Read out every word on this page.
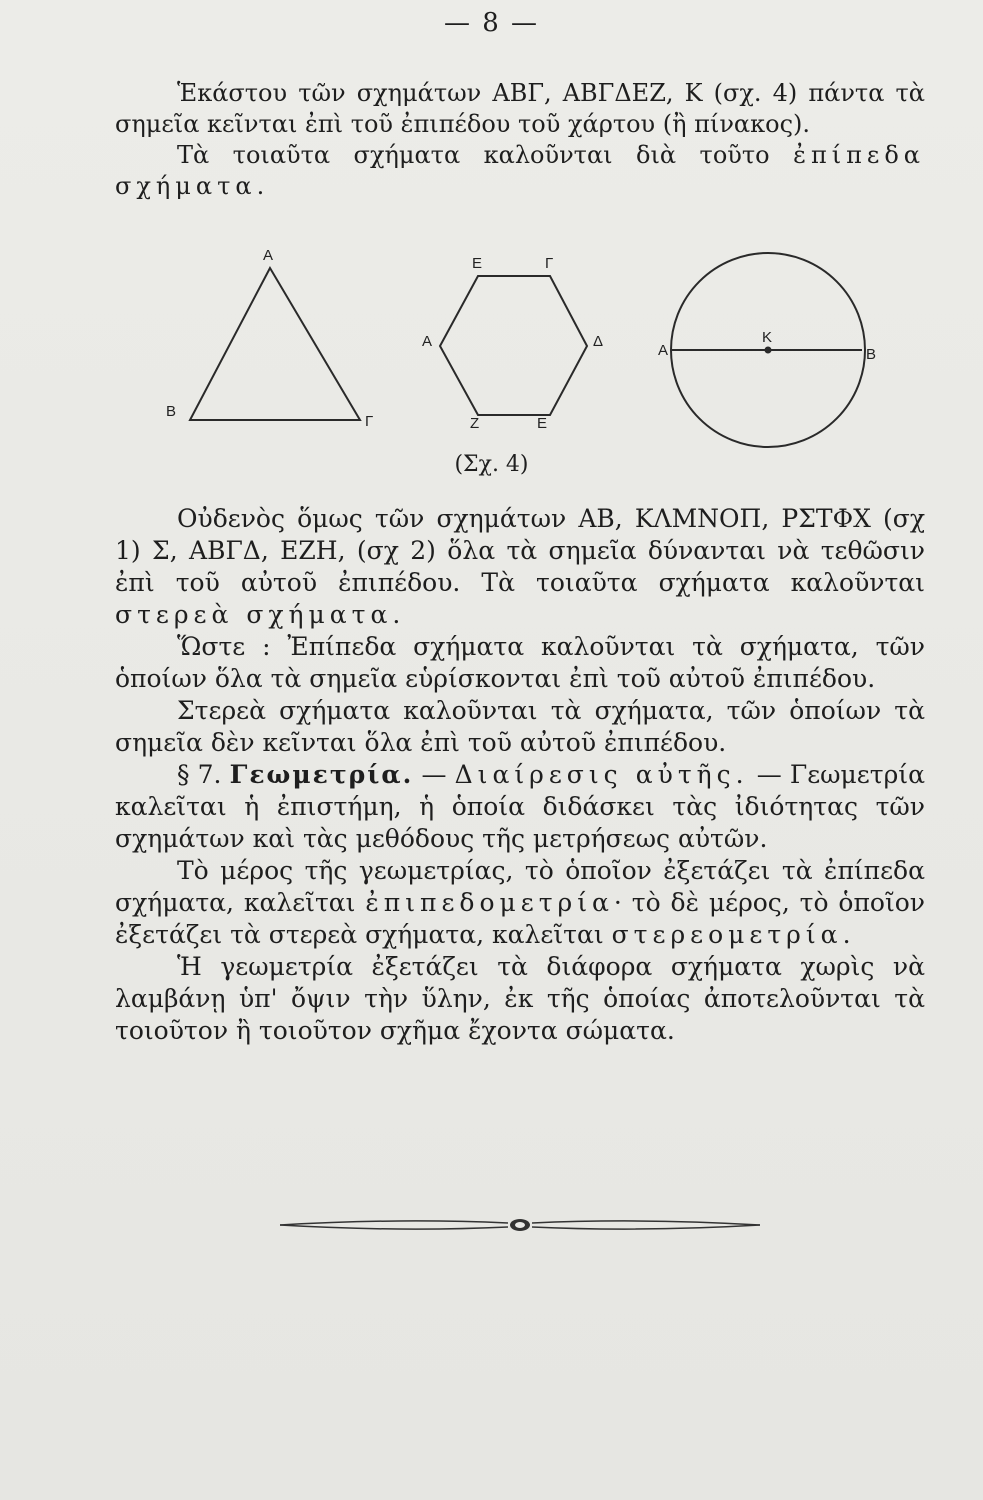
— 8 —

Ἑκάστου τῶν σχημάτων ΑΒΓ, ΑΒΓΔΕΖ, Κ (σχ. 4) πάντα τὰ σημεῖα κεῖνται ἐπὶ τοῦ ἐπιπέδου τοῦ χάρτου (ἢ πίνακος).

Τὰ τοιαῦτα σχήματα καλοῦνται διὰ τοῦτο ἐπίπεδα σχήματα.

Α
Β
Γ
Ε	Γ
Α	Δ
Ζ	Ε
Α
Κ
Β
(Σχ. 4)

Οὐδενὸς ὅμως τῶν σχημάτων ΑΒ, ΚΛΜΝΟΠ, ΡΣΤΦΧ (σχ 1) Σ, ΑΒΓΔ, ΕΖΗ, (σχ 2) ὅλα τὰ σημεῖα δύνανται νὰ τεθῶσιν ἐπὶ τοῦ αὐτοῦ ἐπιπέδου. Τὰ τοιαῦτα σχήματα καλοῦνται στερεὰ σχήματα.

Ὥστε : Ἐπίπεδα σχήματα καλοῦνται τὰ σχήματα, τῶν ὁποίων ὅλα τὰ σημεῖα εὑρίσκονται ἐπὶ τοῦ αὐτοῦ ἐπιπέδου.

Στερεὰ σχήματα καλοῦνται τὰ σχήματα, τῶν ὁποίων τὰ σημεῖα δὲν κεῖνται ὅλα ἐπὶ τοῦ αὐτοῦ ἐπιπέδου.

§ 7. Γεωμετρία. — Διαίρεσις αὐτῆς. — Γεωμετρία καλεῖται ἡ ἐπιστήμη, ἡ ὁποία διδάσκει τὰς ἰδιότητας τῶν σχημάτων καὶ τὰς μεθόδους τῆς μετρήσεως αὐτῶν.

Τὸ μέρος τῆς γεωμετρίας, τὸ ὁποῖον ἐξετάζει τὰ ἐπίπεδα σχήματα, καλεῖται ἐπιπεδομετρία· τὸ δὲ μέρος, τὸ ὁποῖον ἐξετάζει τὰ στερεὰ σχήματα, καλεῖται στερεομετρία.

Ἡ γεωμετρία ἐξετάζει τὰ διάφορα σχήματα χωρὶς νὰ λαμβάνῃ ὑπ' ὄψιν τὴν ὕλην, ἐκ τῆς ὁποίας ἀποτελοῦνται τὰ τοιοῦτον ἢ τοιοῦτον σχῆμα ἔχοντα σώματα.
